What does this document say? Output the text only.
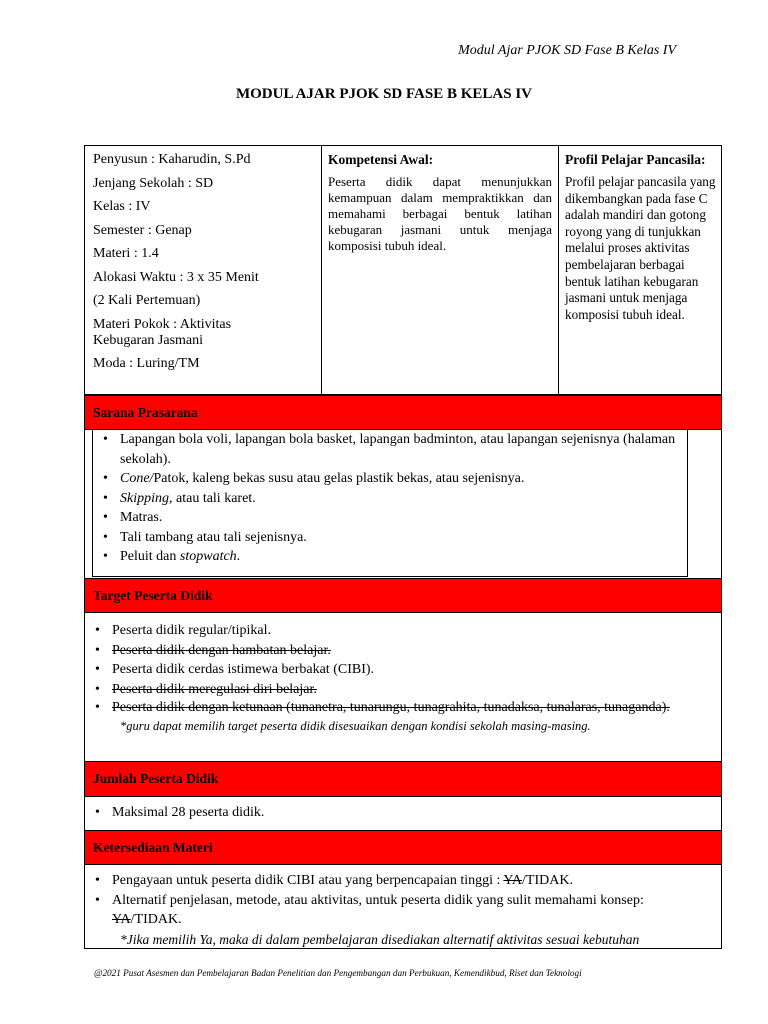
Modul Ajar PJOK SD Fase B Kelas IV
MODUL AJAR PJOK SD FASE B KELAS IV
Penyusun : Kaharudin, S.Pd
Jenjang Sekolah : SD
Kelas : IV
Semester : Genap
Materi : 1.4
Alokasi Waktu : 3 x 35 Menit
(2 Kali Pertemuan)
Materi Pokok : Aktivitas
Kebugaran Jasmani
Moda : Luring/TM
Kompetensi Awal:
Peserta didik dapat menunjukkan kemampuan dalam mempraktikkan dan memahami berbagai bentuk latihan kebugaran jasmani untuk menjaga komposisi tubuh ideal.
Profil Pelajar Pancasila:
Profil pelajar pancasila yang dikembangkan pada fase C adalah mandiri dan gotong royong yang di tunjukkan melalui proses aktivitas pembelajaran berbagai bentuk latihan kebugaran jasmani untuk menjaga komposisi tubuh ideal.
Sarana Prasarana
• Lapangan bola voli, lapangan bola basket, lapangan badminton, atau lapangan sejenisnya (halaman sekolah).
• Cone/Patok, kaleng bekas susu atau gelas plastik bekas, atau sejenisnya.
• Skipping, atau tali karet.
• Matras.
• Tali tambang atau tali sejenisnya.
• Peluit dan stopwatch.
Target Peserta Didik
• Peserta didik regular/tipikal.
• Peserta didik dengan hambatan belajar.
• Peserta didik cerdas istimewa berbakat (CIBI).
• Peserta didik meregulasi diri belajar.
• Peserta didik dengan ketunaan (tunanetra, tunarungu, tunagrahita, tunadaksa, tunalaras, tunaganda).
*guru dapat memilih target peserta didik disesuaikan dengan kondisi sekolah masing-masing.
Jumlah Peserta Didik
• Maksimal 28 peserta didik.
Ketersediaan Materi
• Pengayaan untuk peserta didik CIBI atau yang berpencapaian tinggi : YA/TIDAK.
• Alternatif penjelasan, metode, atau aktivitas, untuk peserta didik yang sulit memahami konsep:
YA/TIDAK.
*Jika memilih Ya, maka di dalam pembelajaran disediakan alternatif aktivitas sesuai kebutuhan
@2021 Pusat Asesmen dan Pembelajaran Badan Penelitian dan Pengembangan dan Perbukuan, Kemendikbud, Riset dan Teknologi
